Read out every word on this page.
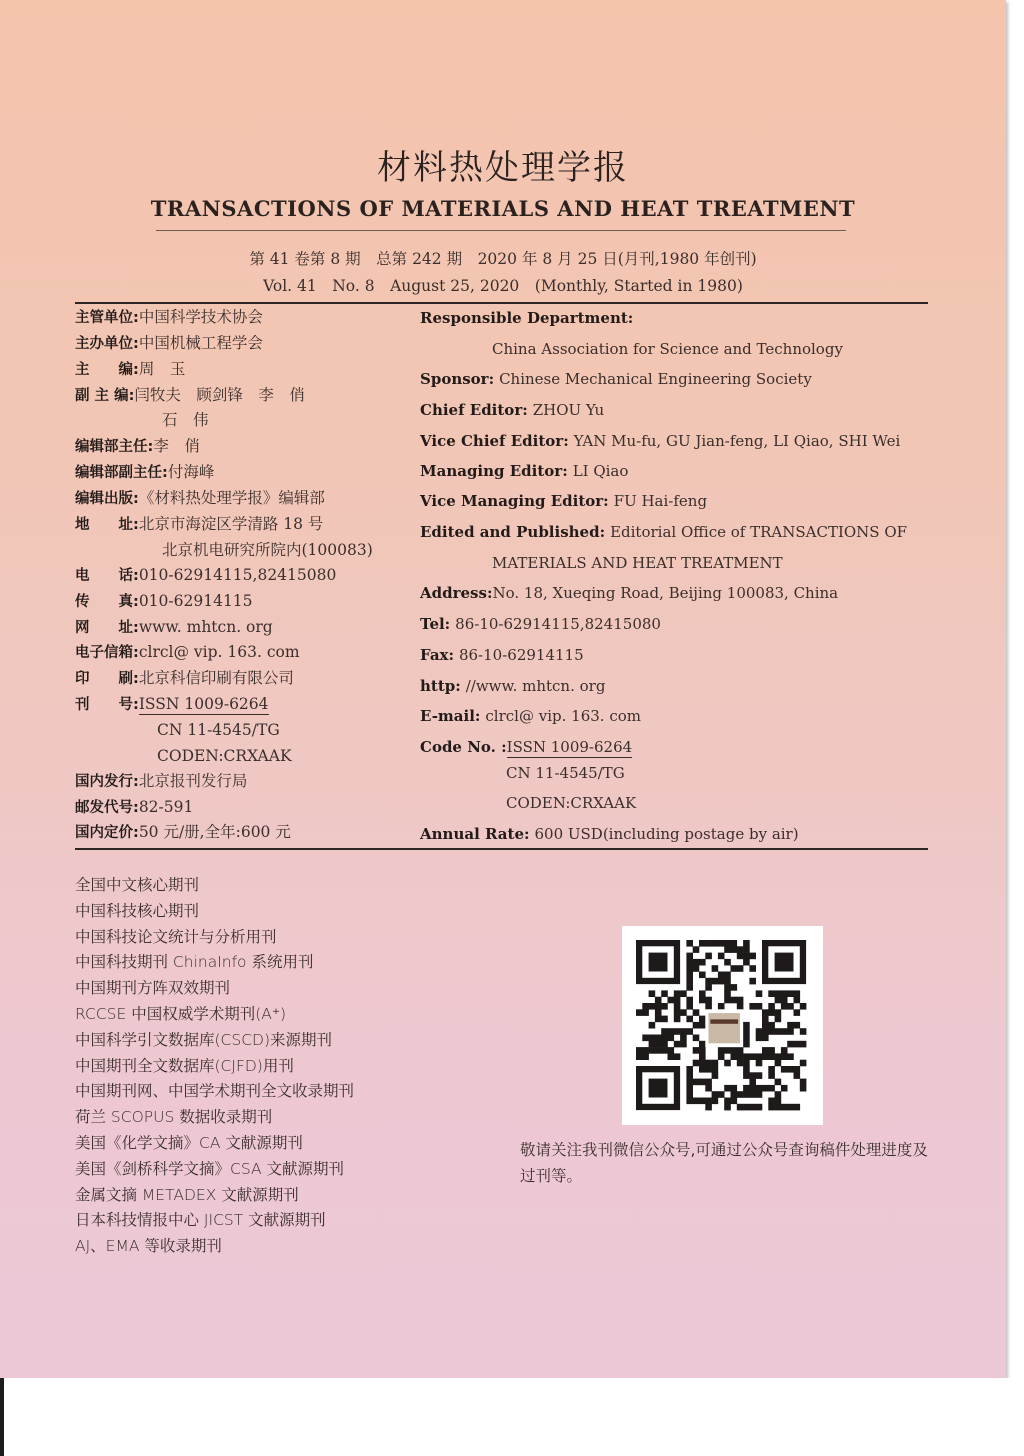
材料热处理学报
TRANSACTIONS OF MATERIALS AND HEAT TREATMENT
第 41 卷第 8 期　总第 242 期　2020 年 8 月 25 日(月刊,1980 年创刊)
Vol. 41　No. 8　August 25, 2020　(Monthly, Started in 1980)
主管单位:中国科学技术协会
主办单位:中国机械工程学会
主　　编:周　玉
副 主 编:闫牧夫　顾剑锋　李　俏
石　伟
编辑部主任:李　俏
编辑部副主任:付海峰
编辑出版:《材料热处理学报》编辑部
地　　址:北京市海淀区学清路 18 号
北京机电研究所院内(100083)
电　　话:010-62914115,82415080
传　　真:010-62914115
网　　址:www. mhtcn. org
电子信箱:clrcl@ vip. 163. com
印　　刷:北京科信印刷有限公司
刊　　号:ISSN 1009-6264
CN 11-4545/TG
CODEN:CRXAAK
国内发行:北京报刊发行局
邮发代号:82-591
国内定价:50 元/册,全年:600 元
Responsible Department:
China Association for Science and Technology
Sponsor: Chinese Mechanical Engineering Society
Chief Editor: ZHOU Yu
Vice Chief Editor: YAN Mu-fu, GU Jian-feng, LI Qiao, SHI Wei
Managing Editor: LI Qiao
Vice Managing Editor: FU Hai-feng
Edited and Published: Editorial Office of TRANSACTIONS OF
MATERIALS AND HEAT TREATMENT
Address:No. 18, Xueqing Road, Beijing 100083, China
Tel: 86-10-62914115,82415080
Fax: 86-10-62914115
http: //www. mhtcn. org
E-mail: clrcl@ vip. 163. com
Code No. :ISSN 1009-6264
CN 11-4545/TG
CODEN:CRXAAK
Annual Rate: 600 USD(including postage by air)
全国中文核心期刊
中国科技核心期刊
中国科技论文统计与分析用刊
中国科技期刊 ChinaInfo 系统用刊
中国期刊方阵双效期刊
RCCSE 中国权威学术期刊(A⁺)
中国科学引文数据库(CSCD)来源期刊
中国期刊全文数据库(CJFD)用刊
中国期刊网、中国学术期刊全文收录期刊
荷兰 SCOPUS 数据收录期刊
美国《化学文摘》CA 文献源期刊
美国《剑桥科学文摘》CSA 文献源期刊
金属文摘 METADEX 文献源期刊
日本科技情报中心 JICST 文献源期刊
AJ、EMA 等收录期刊
敬请关注我刊微信公众号,可通过公众号查询稿件处理进度及过刊等。
